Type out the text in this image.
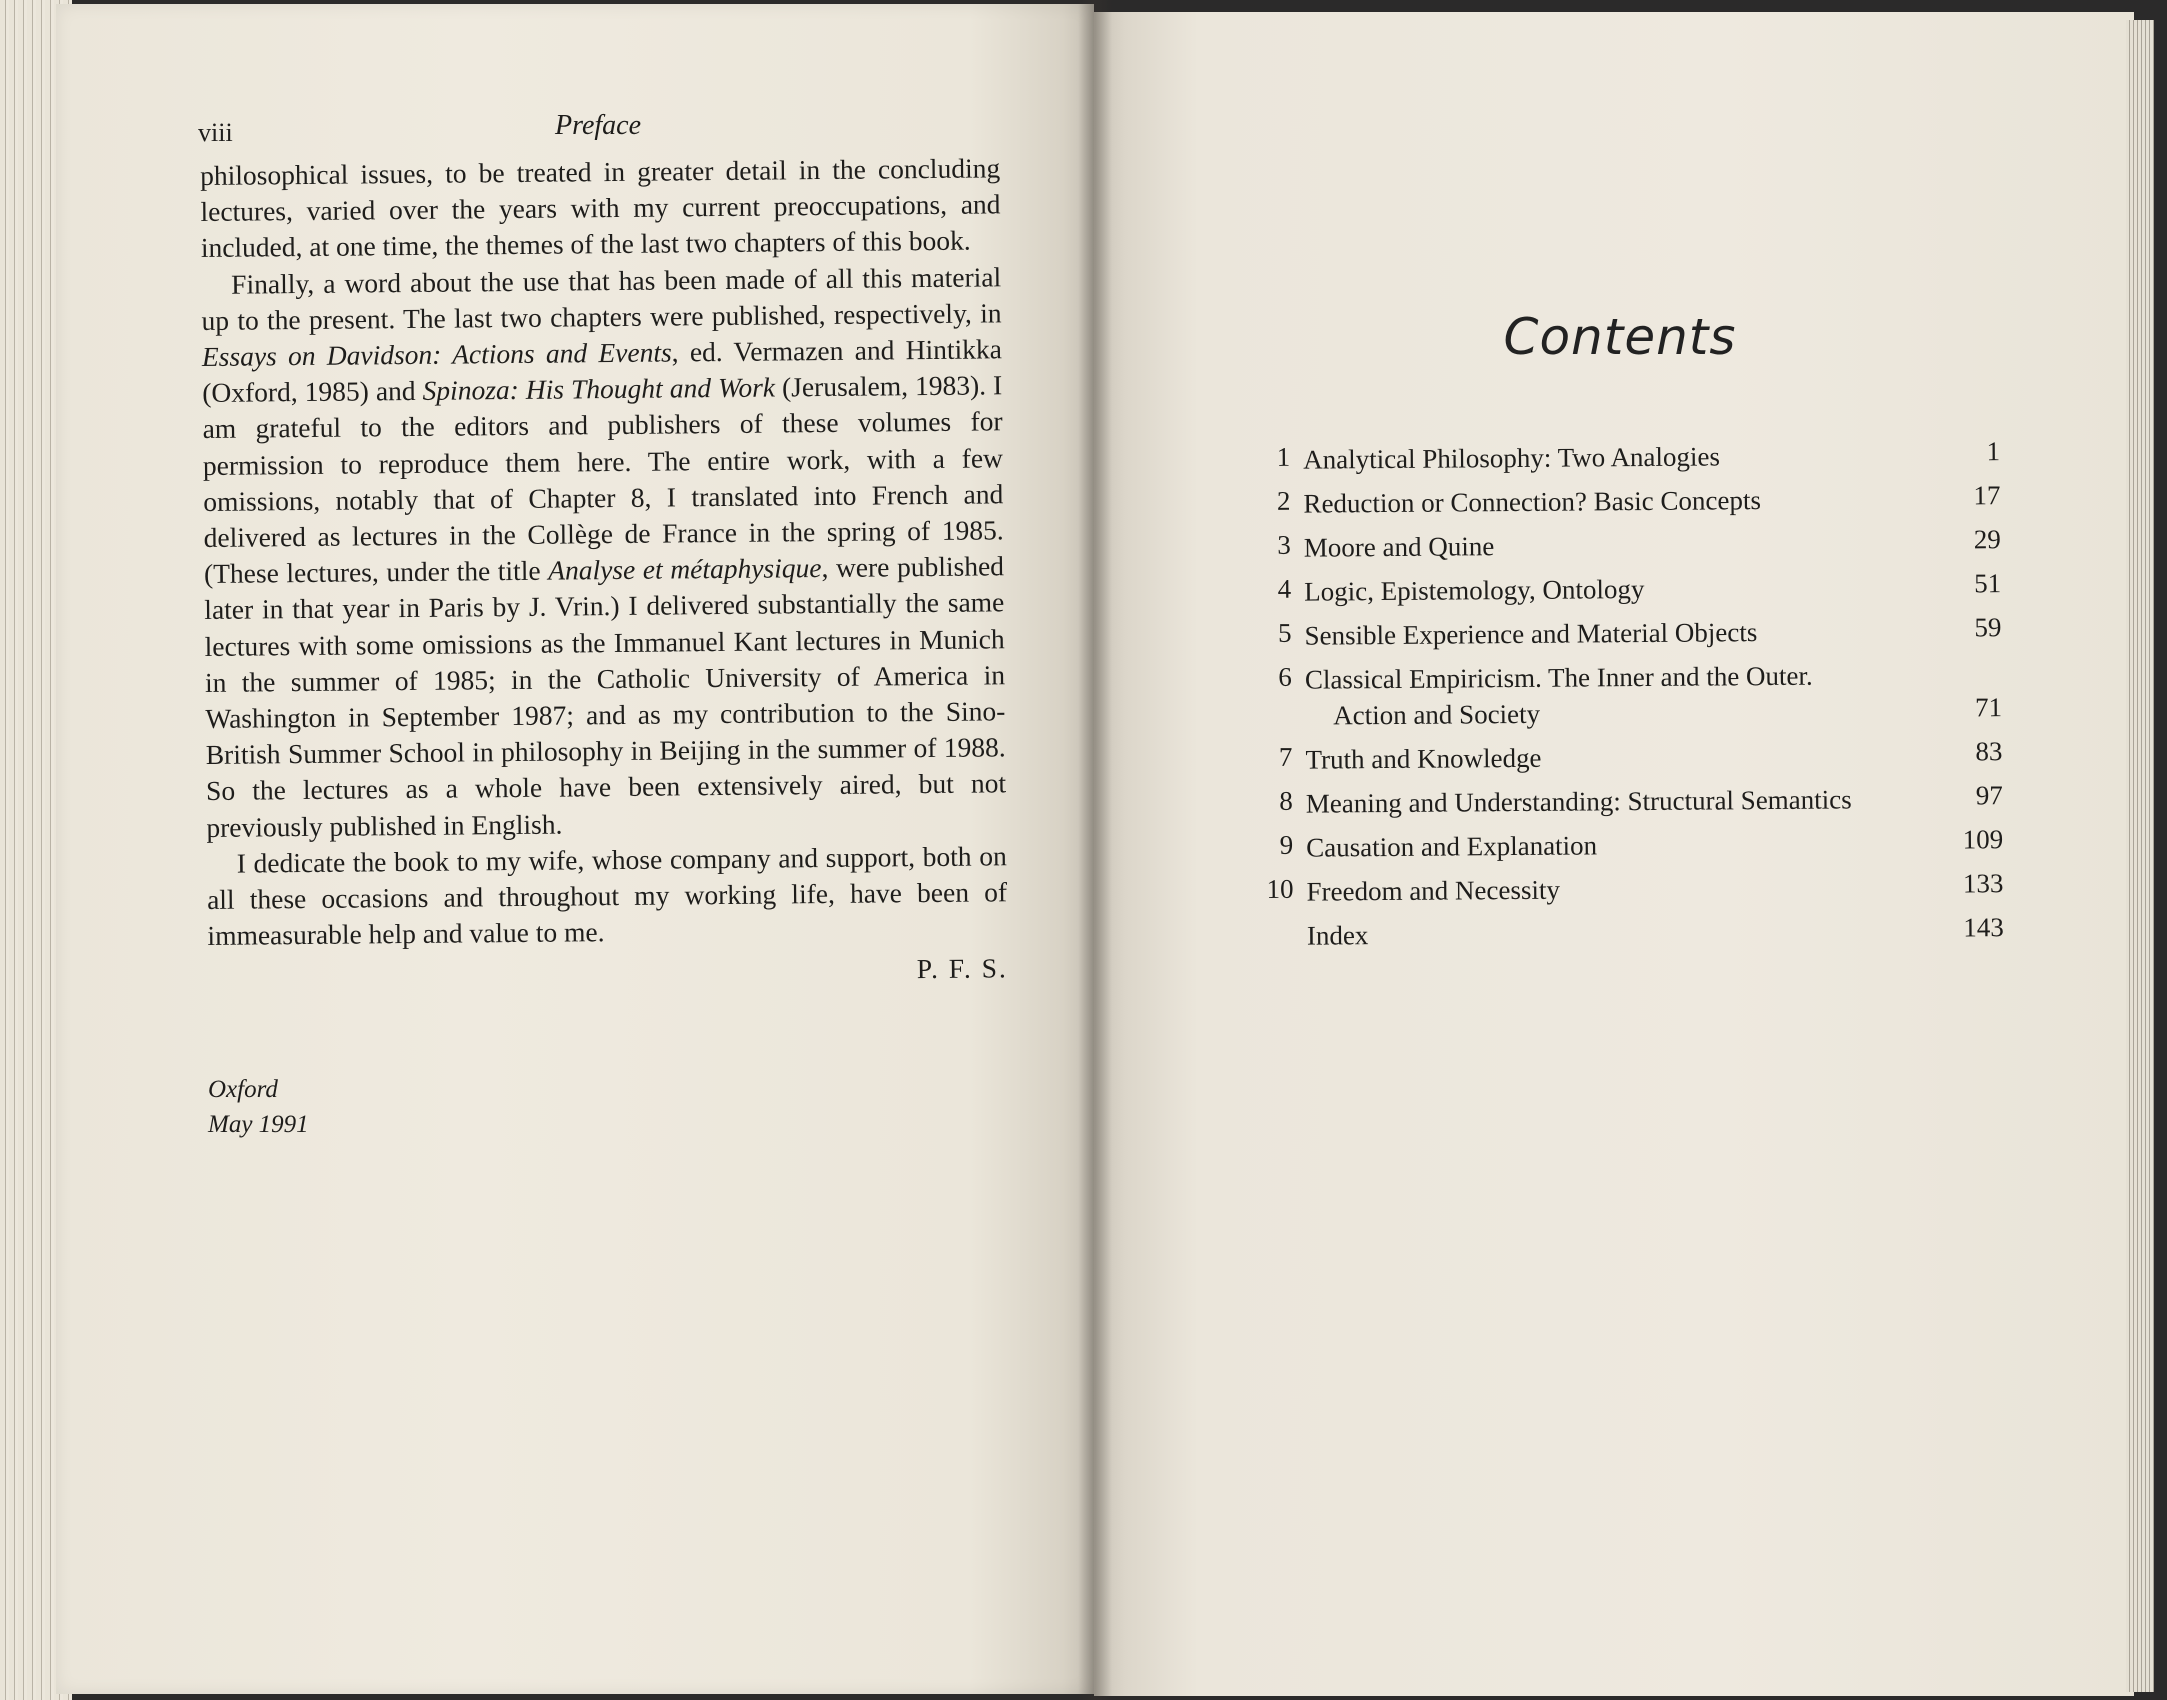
viii	Preface

philosophical issues, to be treated in greater detail in the concluding lectures, varied over the years with my current preoccupations, and included, at one time, the themes of the last two chapters of this book.

Finally, a word about the use that has been made of all this material up to the present. The last two chapters were published, respectively, in Essays on Davidson: Actions and Events, ed. Vermazen and Hintikka (Oxford, 1985) and Spinoza: His Thought and Work (Jerusalem, 1983). I am grateful to the editors and publishers of these volumes for permission to reproduce them here. The entire work, with a few omissions, notably that of Chapter 8, I translated into French and delivered as lectures in the Collège de France in the spring of 1985. (These lectures, under the title Analyse et métaphysique, were published later in that year in Paris by J. Vrin.) I delivered substantially the same lectures with some omissions as the Immanuel Kant lectures in Munich in the summer of 1985; in the Catholic University of America in Washington in September 1987; and as my contribution to the Sino-British Summer School in philosophy in Beijing in the summer of 1988. So the lectures as a whole have been extensively aired, but not previously published in English.

I dedicate the book to my wife, whose company and support, both on all these occasions and throughout my working life, have been of immeasurable help and value to me.

P. F. S.
Oxford
May 1991
Contents
1 Analytical Philosophy: Two Analogies	1
2 Reduction or Connection? Basic Concepts	17
3 Moore and Quine	29
4 Logic, Epistemology, Ontology	51
5 Sensible Experience and Material Objects	59
6 Classical Empiricism. The Inner and the Outer.
Action and Society	71
7 Truth and Knowledge	83
8 Meaning and Understanding: Structural Semantics	97
9 Causation and Explanation	109
10 Freedom and Necessity	133
Index	143
